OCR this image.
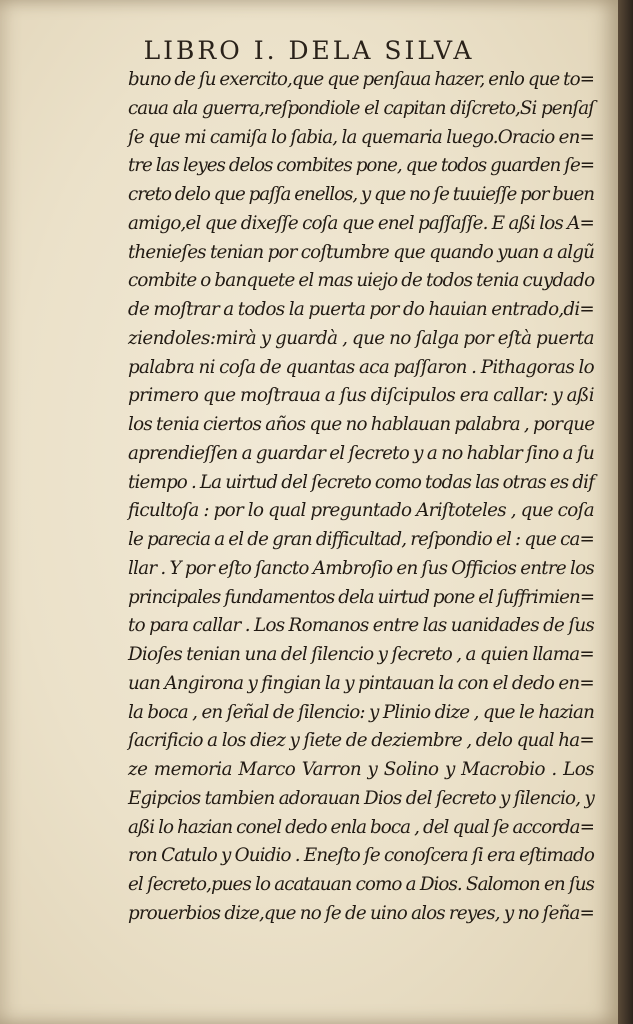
LIBRO I. DELA SILVA
buno de ſu exercito,que que penſaua hazer, enlo que to=
caua ala guerra,reſpondiole el capitan diſcreto,Si penſaſ
ſe que mi camiſa lo ſabia, la quemaria luego.Oracio en=
tre las leyes delos combites pone, que todos guarden ſe=
creto delo que paſſa enellos, y que no ſe tuuieſſe por buen
amigo,el que dixeſſe coſa que enel paſſaſſe. E aßi los A=
thenieſes tenian por coſtumbre que quando yuan a algũ
combite o banquete el mas uiejo de todos tenia cuydado
de moſtrar a todos la puerta por do hauian entrado,di=
ziendoles:mirà y guardà , que no ſalga por eſtà puerta
palabra ni coſa de quantas aca paſſaron . Pithagoras lo
primero que moſtraua a ſus diſcipulos era callar: y aßi
los tenia ciertos años que no hablauan palabra , porque
aprendieſſen a guardar el ſecreto y a no hablar ſino a ſu
tiempo . La uirtud del ſecreto como todas las otras es dif
ficultoſa : por lo qual preguntado Ariſtoteles , que coſa
le parecia a el de gran difficultad, reſpondio el : que ca=
llar . Y por eſto ſancto Ambroſio en ſus Officios entre los
principales fundamentos dela uirtud pone el ſuffrimien=
to para callar . Los Romanos entre las uanidades de ſus
Dioſes tenian una del ſilencio y ſecreto , a quien llama=
uan Angirona y fingian la y pintauan la con el dedo en=
la boca , en ſeñal de ſilencio: y Plinio dize , que le hazian
ſacrificio a los diez y ſiete de deziembre , delo qual ha=
ze memoria Marco Varron y Solino y Macrobio . Los
Egipcios tambien adorauan Dios del ſecreto y ſilencio, y
aßi lo hazian conel dedo enla boca , del qual ſe accorda=
ron Catulo y Ouidio . Eneſto ſe conoſcera ſi era eſtimado
el ſecreto,pues lo acatauan como a Dios. Salomon en ſus
prouerbios dize,que no ſe de uino alos reyes, y no ſeña=
